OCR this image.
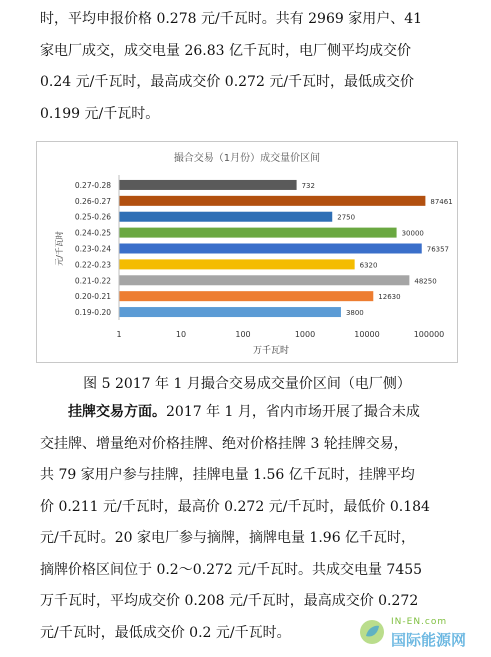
时，平均申报价格 0.278 元/千瓦时。共有 2969 家用户、41
家电厂成交，成交电量 26.83 亿千瓦时，电厂侧平均成交价
0.24 元/千瓦时，最高成交价 0.272 元/千瓦时，最低成交价
0.199 元/千瓦时。
撮合交易（1月份）成交量价区间
0.27-0.28	732
0.26-0.27	87461
0.25-0.26	2750
0.24-0.25	30000
0.23-0.24	76357
0.22-0.23	6320
0.21-0.22	48250
0.20-0.21	12630
0.19-0.20	3800
1	10	100	1000	10000	100000
万千瓦时
元/千瓦时
图 5 2017 年 1 月撮合交易成交量价区间（电厂侧）
挂牌交易方面。2017 年 1 月，省内市场开展了撮合未成
交挂牌、增量绝对价格挂牌、绝对价格挂牌 3 轮挂牌交易，
共 79 家用户参与挂牌，挂牌电量 1.56 亿千瓦时，挂牌平均
价 0.211 元/千瓦时，最高价 0.272 元/千瓦时，最低价 0.184
元/千瓦时。20 家电厂参与摘牌，摘牌电量 1.96 亿千瓦时，
摘牌价格区间位于 0.2～0.272 元/千瓦时。共成交电量 7455
万千瓦时，平均成交价 0.208 元/千瓦时，最高成交价 0.272
元/千瓦时，最低成交价 0.2 元/千瓦时。
IN-EN.com
国际能源网
